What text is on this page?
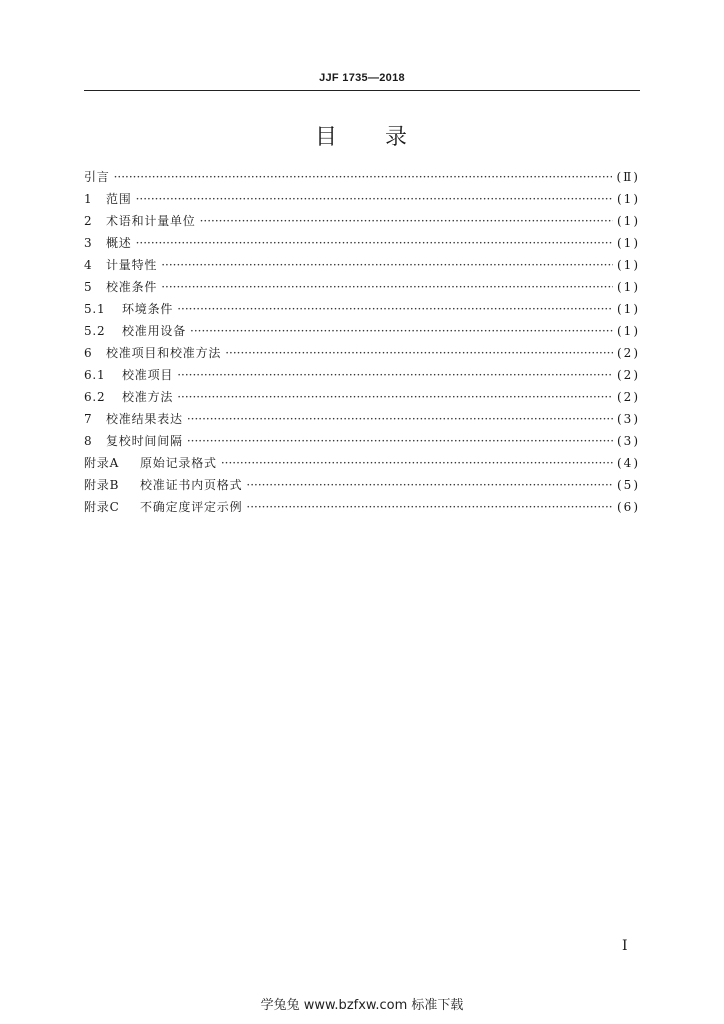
JJF 1735—2018
目 录
引言 ·····	(Ⅱ)
1	范围 ·····	(1)
2	术语和计量单位 ·····	(1)
3	概述 ·····	(1)
4	计量特性 ·····	(1)
5	校准条件 ·····	(1)
5.1	环境条件 ·····	(1)
5.2	校准用设备 ·····	(1)
6	校准项目和校准方法 ·····	(2)
6.1	校准项目 ·····	(2)
6.2	校准方法 ·····	(2)
7	校准结果表达 ·····	(3)
8	复校时间间隔 ·····	(3)
附录A	原始记录格式 ·····	(4)
附录B	校准证书内页格式 ·····	(5)
附录C	不确定度评定示例 ·····	(6)
I
学兔兔 www.bzfxw.com 标准下载
